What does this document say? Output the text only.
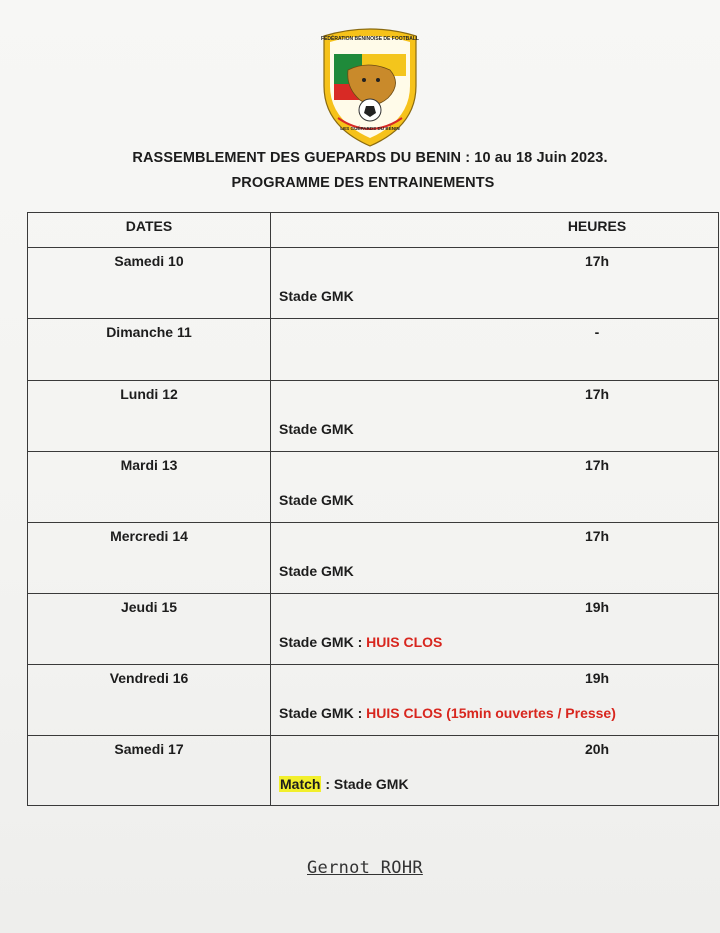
FÉDÉRATION BÉNINOISE DE FOOTBALL
LES GUÉPARDS DU BÉNIN
RASSEMBLEMENT DES GUEPARDS DU BENIN : 10 au 18 Juin 2023.
PROGRAMME DES ENTRAINEMENTS
DATES	HEURES

Samedi 10	17h
Stade GMK

Dimanche 11	-

Lundi 12	17h
Stade GMK

Mardi 13	17h
Stade GMK

Mercredi 14	17h
Stade GMK

Jeudi 15	19h
Stade GMK : HUIS CLOS

Vendredi 16	19h
Stade GMK : HUIS CLOS (15min ouvertes / Presse)

Samedi 17	20h
Match : Stade GMK
Gernot ROHR
